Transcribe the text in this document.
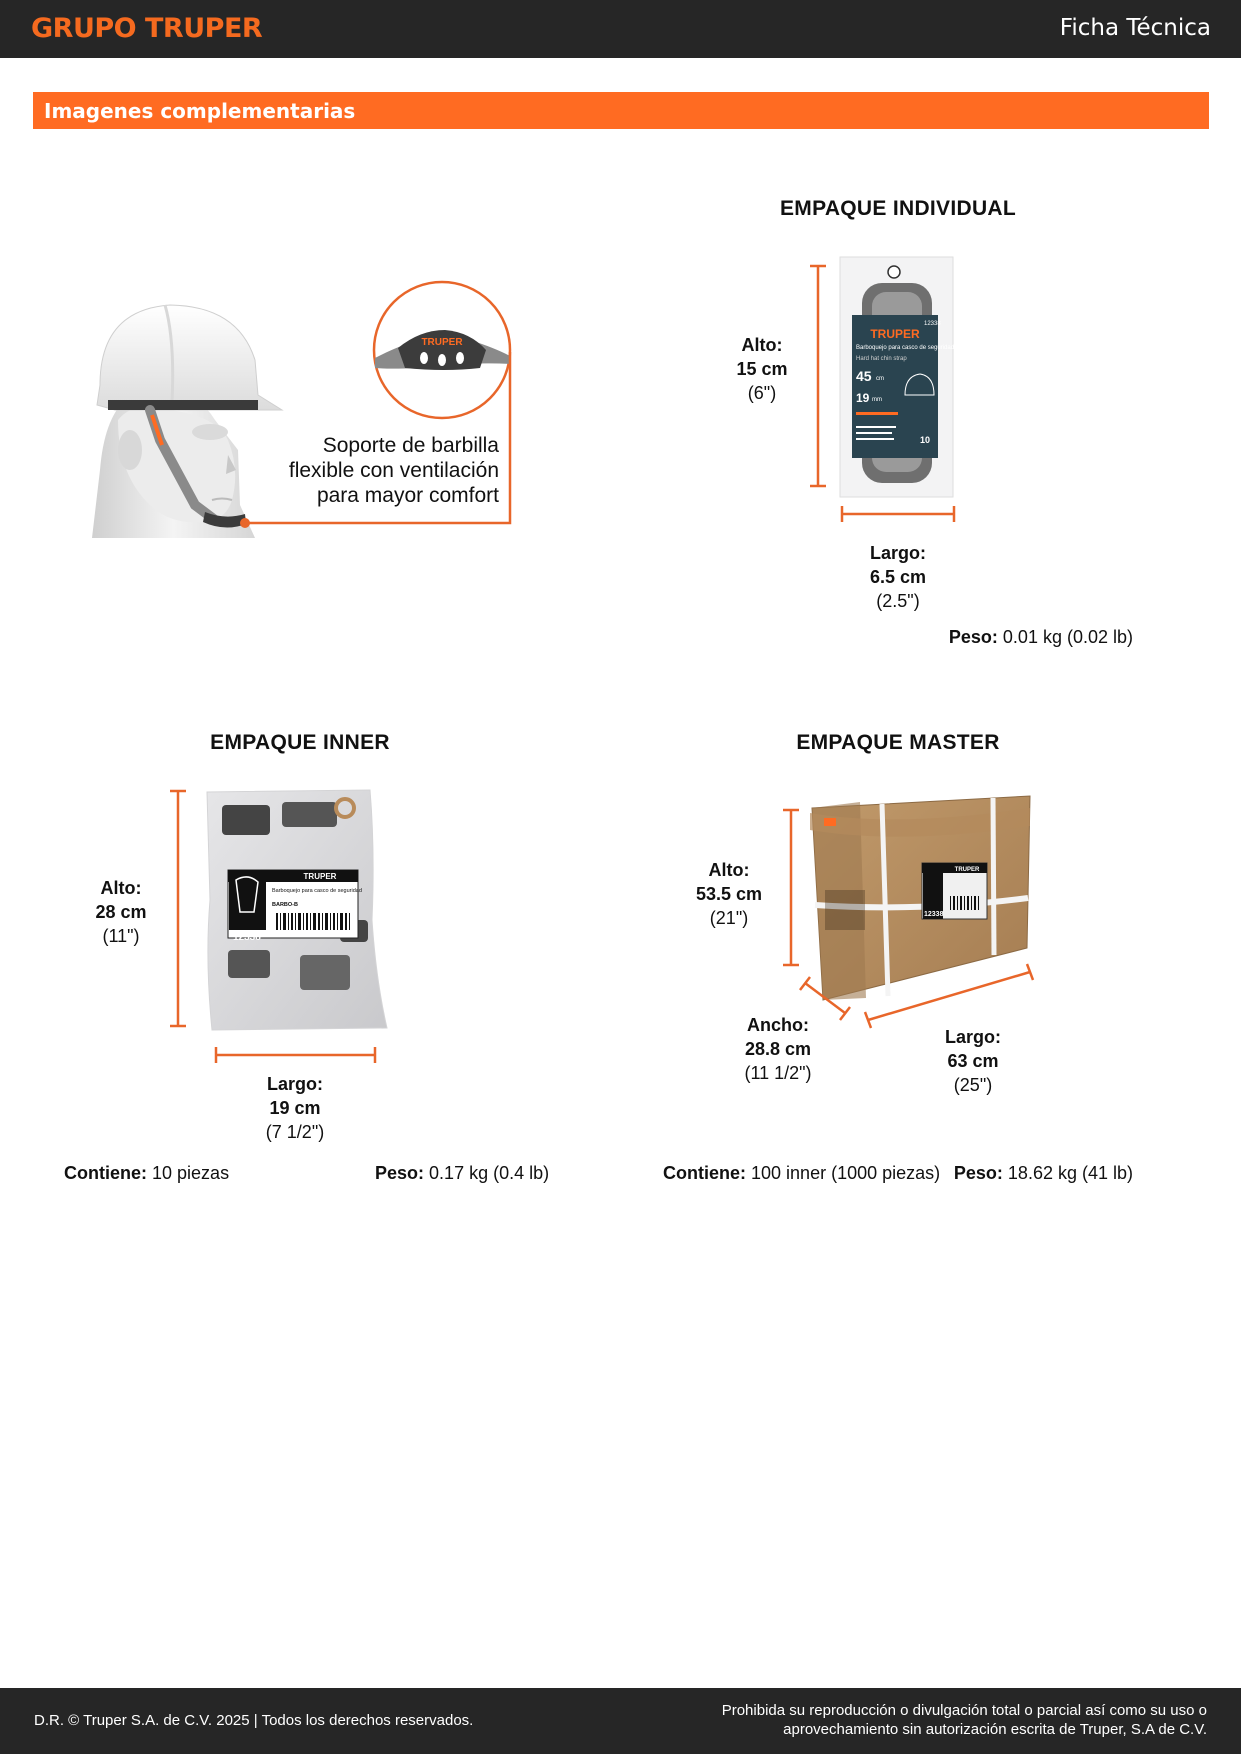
GRUPO TRUPER	Ficha Técnica
Imagenes complementarias
TRUPER
12338
TRUPER
Barboquejo para casco de seguridad
Hard hat chin strap
45 cm
19 mm
10
TRUPER
12338
Barboquejo para casco de seguridad
BARBO-B
TRUPER
12338
Soporte de barbilla
flexible con ventilación
para mayor comfort
EMPAQUE INDIVIDUAL
Alto:
15 cm
(6")
Largo:
6.5 cm
(2.5")
Peso: 0.01 kg (0.02 lb)
EMPAQUE INNER
Alto:
28 cm
(11")
Largo:
19 cm
(7 1/2")
Contiene: 10 piezas	Peso: 0.17 kg (0.4 lb)
EMPAQUE MASTER
Alto:
53.5 cm
(21")
Ancho:
28.8 cm
(11 1/2")
Largo:
63 cm
(25")
Contiene: 100 inner (1000 piezas) Peso: 18.62 kg (41 lb)
D.R. © Truper S.A. de C.V. 2025 | Todos los derechos reservados.
Prohibida su reproducción o divulgación total o parcial así como su uso o
aprovechamiento sin autorización escrita de Truper, S.A de C.V.
